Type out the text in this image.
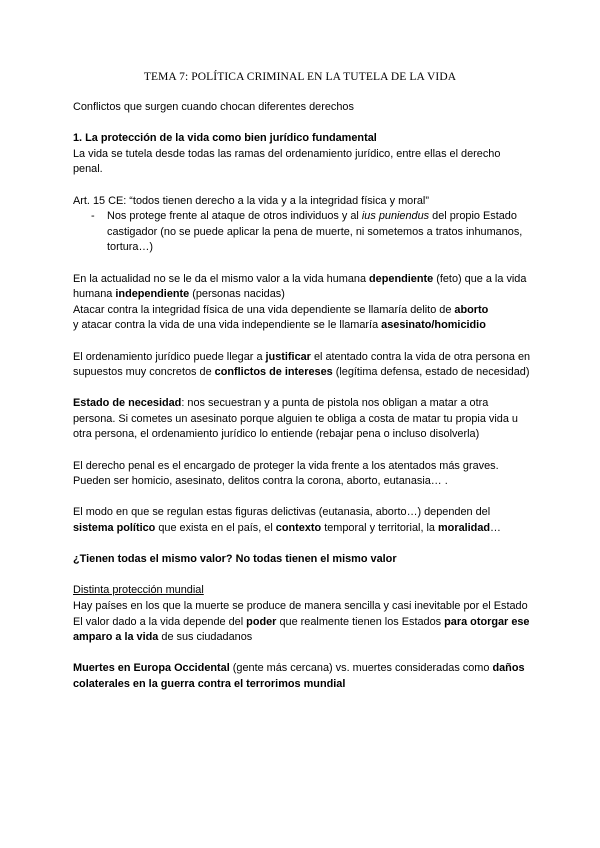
TEMA 7: POLÍTICA CRIMINAL EN LA TUTELA DE LA VIDA

Conflictos que surgen cuando chocan diferentes derechos

1. La protección de la vida como bien jurídico fundamental

La vida se tutela desde todas las ramas del ordenamiento jurídico, entre ellas el derecho penal.

Art. 15 CE: “todos tienen derecho a la vida y a la integridad física y moral”

- Nos protege frente al ataque de otros individuos y al ius puniendus del propio Estado castigador (no se puede aplicar la pena de muerte, ni sometemos a tratos inhumanos, tortura…)

En la actualidad no se le da el mismo valor a la vida humana dependiente (feto) que a la vida humana independiente (personas nacidas)

Atacar contra la integridad física de una vida dependiente se llamaría delito de aborto

y atacar contra la vida de una vida independiente se le llamaría asesinato/homicidio

El ordenamiento jurídico puede llegar a justificar el atentado contra la vida de otra persona en supuestos muy concretos de conflictos de intereses (legítima defensa, estado de necesidad)

Estado de necesidad: nos secuestran y a punta de pistola nos obligan a matar a otra persona. Si cometes un asesinato porque alguien te obliga a costa de matar tu propia vida u otra persona, el ordenamiento jurídico lo entiende (rebajar pena o incluso disolverla)

El derecho penal es el encargado de proteger la vida frente a los atentados más graves. Pueden ser homicio, asesinato, delitos contra la corona, aborto, eutanasia… .

El modo en que se regulan estas figuras delictivas (eutanasia, aborto…) dependen del sistema político que exista en el país, el contexto temporal y territorial, la moralidad…

¿Tienen todas el mismo valor? No todas tienen el mismo valor

Distinta protección mundial

Hay países en los que la muerte se produce de manera sencilla y casi inevitable por el Estado

El valor dado a la vida depende del poder que realmente tienen los Estados para otorgar ese amparo a la vida de sus ciudadanos

Muertes en Europa Occidental (gente más cercana) vs. muertes consideradas como daños colaterales en la guerra contra el terrorimos mundial
